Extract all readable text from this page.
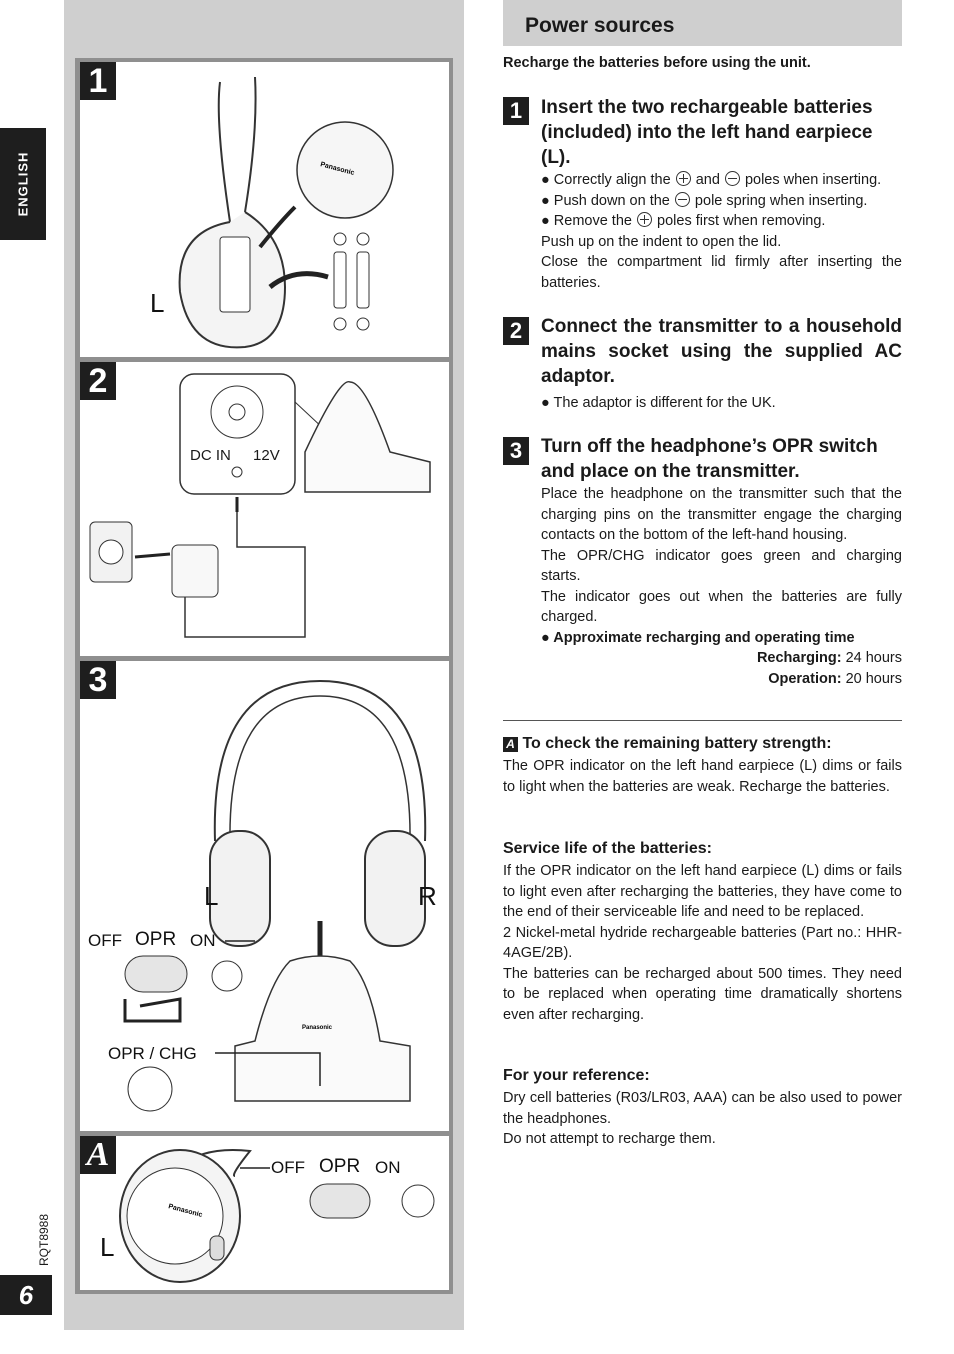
ENGLISH
RQT8988
6
1
Panasonic
L
2
DC IN 12V
3
Panasonic
L	R
OFF OPR ON
OPR / CHG
A
Panasonic
L
OFF OPR ON
Power sources
Recharge the batteries before using the unit.
1 Insert the two rechargeable batteries (included) into the left hand earpiece (L).
● Correctly align the  and  poles when inserting.
● Push down on the  pole spring when inserting.
● Remove the  poles first when removing.
Push up on the indent to open the lid.
Close the compartment lid firmly after inserting the batteries.
2 Connect the transmitter to a household mains socket using the supplied AC adaptor.
● The adaptor is different for the UK.
3 Turn off the headphone’s OPR switch and place on the transmitter.
Place the headphone on the transmitter such that the charging pins on the transmitter engage the charging contacts on the bottom of the left-hand housing.
The OPR/CHG indicator goes green and charging starts.
The indicator goes out when the batteries are fully charged.
● Approximate recharging and operating time
Recharging: 24 hours
Operation: 20 hours
A To check the remaining battery strength:
The OPR indicator on the left hand earpiece (L) dims or fails to light when the batteries are weak. Recharge the batteries.
Service life of the batteries:
If the OPR indicator on the left hand earpiece (L) dims or fails to light even after recharging the batteries, they have come to the end of their serviceable life and need to be replaced.
2 Nickel-metal hydride rechargeable batteries (Part no.: HHR-4AGE/2B).
The batteries can be recharged about 500 times. They need to be replaced when operating time dramatically shortens even after recharging.
For your reference:
Dry cell batteries (R03/LR03, AAA) can be also used to power the headphones.
Do not attempt to recharge them.
